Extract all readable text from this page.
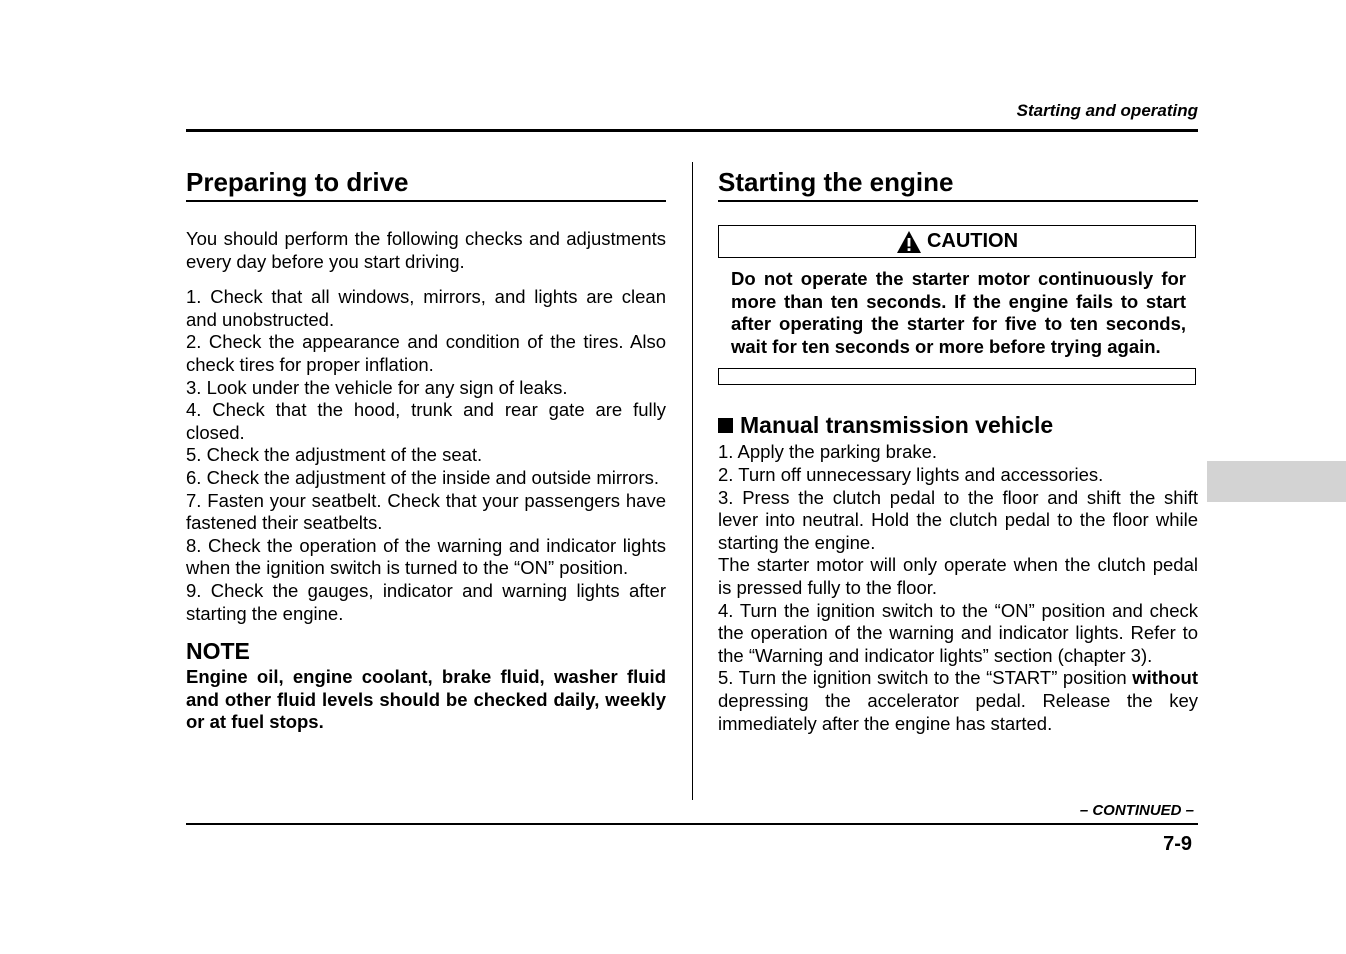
Starting and operating
Preparing to drive

You should perform the following checks and adjustments every day before you start driving.

1. Check that all windows, mirrors, and lights are clean and unobstructed.

2. Check the appearance and condition of the tires. Also check tires for proper inflation.

3. Look under the vehicle for any sign of leaks.

4. Check that the hood, trunk and rear gate are fully closed.

5. Check the adjustment of the seat.

6. Check the adjustment of the inside and outside mirrors.

7. Fasten your seatbelt. Check that your passengers have fastened their seatbelts.

8. Check the operation of the warning and indicator lights when the ignition switch is turned to the “ON” position.

9. Check the gauges, indicator and warning lights after starting the engine.

NOTE

Engine oil, engine coolant, brake fluid, washer fluid and other fluid levels should be checked daily, weekly or at fuel stops.

Starting the engine
CAUTION

Do not operate the starter motor continuously for more than ten seconds. If the engine fails to start after operating the starter for five to ten seconds, wait for ten seconds or more before trying again.

Manual transmission vehicle

1. Apply the parking brake.

2. Turn off unnecessary lights and accessories.

3. Press the clutch pedal to the floor and shift the shift lever into neutral. Hold the clutch pedal to the floor while starting the engine.

The starter motor will only operate when the clutch pedal is pressed fully to the floor.

4. Turn the ignition switch to the “ON” position and check the operation of the warning and indicator lights. Refer to the “Warning and indicator lights” section (chapter 3).

5. Turn the ignition switch to the “START” position without depressing the accelerator pedal. Release the key immediately after the engine has started.

– CONTINUED –
7-9
